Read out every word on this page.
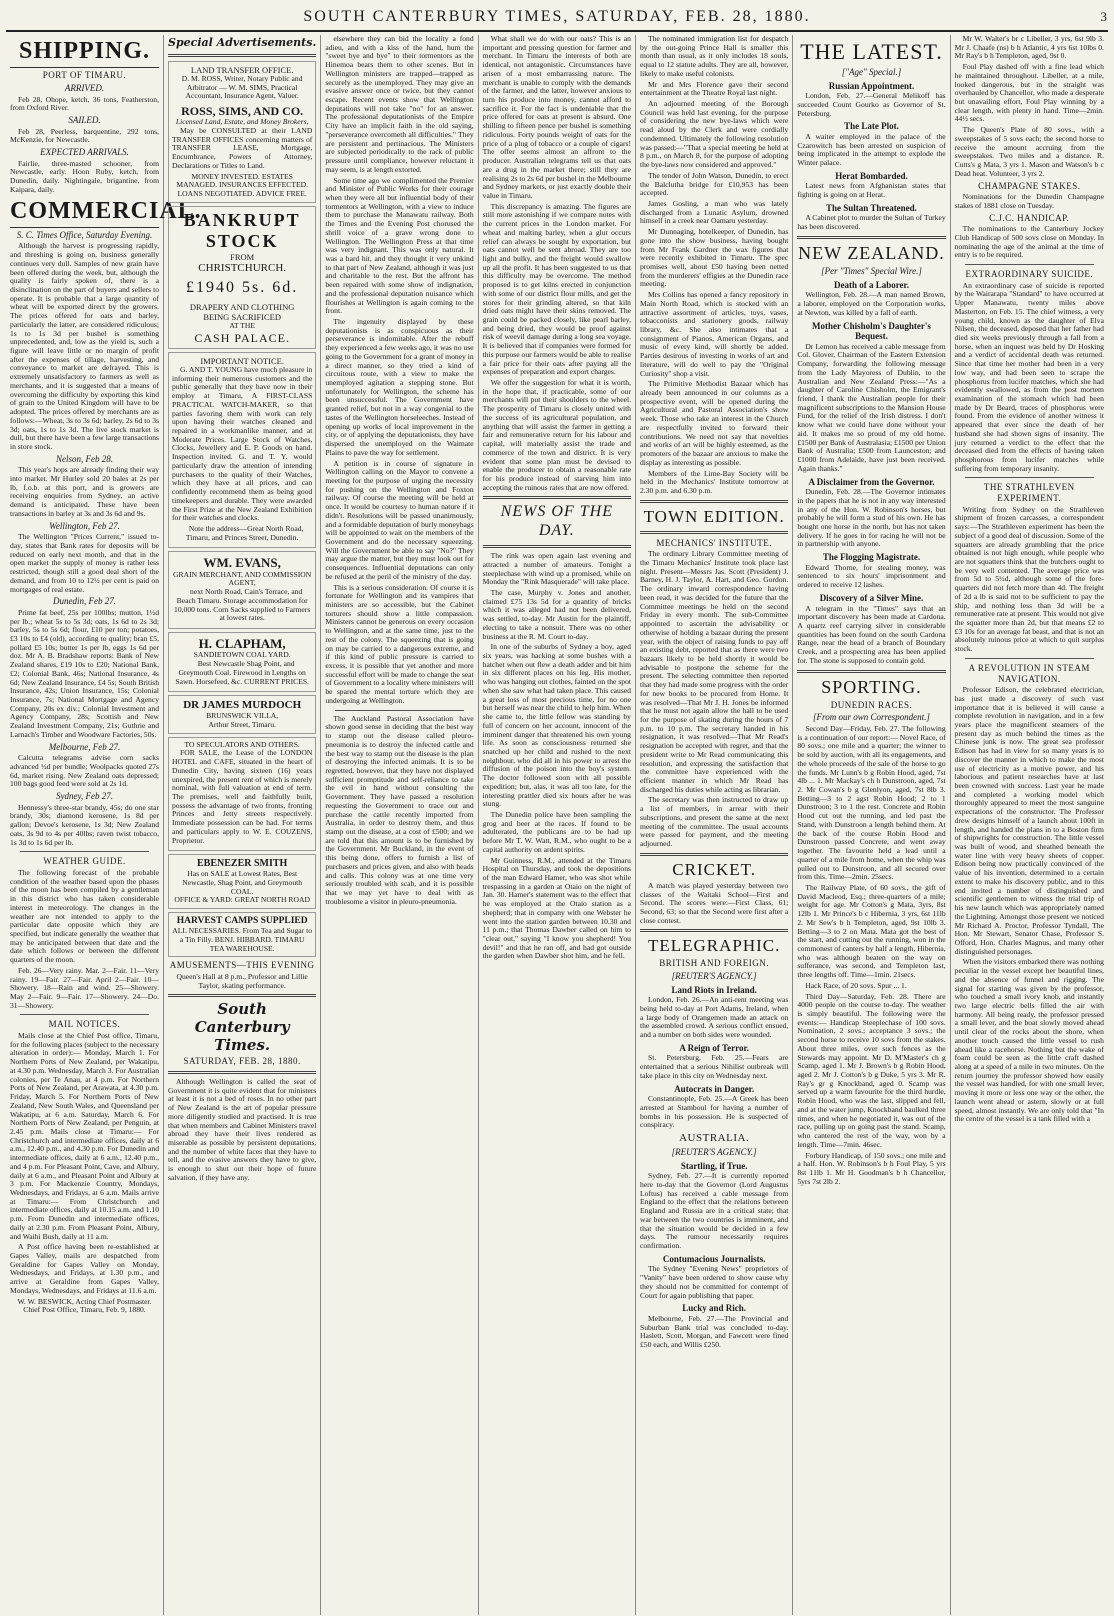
SOUTH CANTERBURY TIMES, SATURDAY, FEB. 28, 1880.	3
SHIPPING.
PORT OF TIMARU.
ARRIVED.

Feb 28, Ohope, ketch, 36 tons, Featherston, from Oxford River.

SAILED.

Feb 28, Peerless, barquentine, 292 tons, McKenzie, for Newcastle.

EXPECTED ARRIVALS.

Fairlie, three-masted schooner, from Newcastle, early. Hoon Ruby, ketch, from Dunedin, daily. Nightingale, brigantine, from Kaipara, daily.

COMMERCIAL.
S. C. Times Office, Saturday Evening.

Although the harvest is progressing rapidly, and threshing is going on, business generally continues very dull. Samples of new grain have been offered during the week, but, although the quality is fairly spoken of, there is a disinclination on the part of buyers and sellers to operate. It is probable that a large quantity of wheat will be exported direct by the growers. The prices offered for oats and barley, particularly the latter, are considered ridiculous; 1s to 1s 3d per bushel is something unprecedented, and, low as the yield is, such a figure will leave little or no margin of profit after the expenses of tillage, harvesting, and conveyance to market are defrayed. This is extremely unsatisfactory to farmers as well as merchants, and it is suggested that a means of overcoming the difficulty by exporting this kind of grain to the United Kingdom will have to be adopted. The prices offered by merchants are as follows:—Wheat, 3s to 3s 6d; barley, 2s 6d to 3s 3d; oats, 1s to 1s 3d. The live stock market is dull, but there have been a few large transactions in store stock.

Nelson, Feb 28.

This year's hops are already finding their way into market. Mr Hurley sold 20 bales at 2s per lb, f.o.b. at this port, and is growers are receiving enquiries from Sydney, an active demand is anticipated. These have been transactions in barley at 3s and 3s 6d and 9s.

Wellington, Feb 27.

The Wellington "Prices Current," issued to-day, states that Bank rates for deposits will be reduced on early next month, and that in the open market the supply of money is rather less restricted, though still a good deal short of the demand, and from 10 to 12½ per cent is paid on mortgages of real estate.

Dunedin, Feb 27.

Prime fat beef, 25s per 100lbs; mutton, 1½d per lb.; wheat 5s to 5s 3d; oats, 1s 6d to 2s 3d; barley, 5s to 5s 6d; flour, £10 per ton; potatoes, £3 10s to £4 (old), according to quality; bran £5, pollard £5 10s; butter 1s per lb, eggs 1s 6d per doz. Mr A. B. Bradshaw reports: Bank of New Zealand shares, £19 10s to £20; National Bank, £2; Colonial Bank, 46s; National Insurance, 4s 6d; New Zealand Insurance, £4 5s; South British Insurance, 42s; Union Insurance, 15s; Colonial Insurance, 7s; National Mortgage and Agency Company, 20s ex div.; Colonial Investment and Agency Company, 28s; Scottish and New Zealand Investment Company, 21s; Guthrie and Larnach's Timber and Woodware Factories, 50s.

Melbourne, Feb 27.

Calcutta telegrams advise corn sacks advanced ½d per bundle; Woolpacks quoted 27s 6d, market rising. New Zealand oats depressed; 100 bags good feed were sold at 2s 1d.

Sydney, Feb 27.

Hennessy's three-star brandy, 45s; do one star brandy, 30s; diamond kerosene, 1s 8d per gallon; Devoe's kerosene, 1s 3d; New Zealand oats, 3s 9d to 4s per 40lbs; raven twist tobacco, 1s 3d to 1s 6d per lb.

WEATHER GUIDE.

The following forecast of the probable condition of the weather based upon the phases of the moon has been compiled by a gentleman in this district who has taken considerable interest in meteorology. The changes in the weather are not intended to apply to the particular date opposite which they are specified, but indicate generally the weather that may be anticipated between that date and the date which follows or between the different quarters of the moon.

Feb. 26—Very rainy. Mar. 2—Fair. 11—Very rainy. 19—Fair. 27—Fair. April 2—Fair. 10—Showery. 18—Rain and wind. 25—Showery. May 2—Fair. 9—Fair. 17—Showery. 24—Do. 31—Showery.

MAIL NOTICES.

Mails close at the Chief Post office, Timaru, for the following places (subject to the necessary alteration in order):— Monday, March 1. For Northern Ports of New Zealand, per Wakatipu, at 4.30 p.m. Wednesday, March 3. For Australian colonies, per Te Anau, at 4 p.m. For Northern Ports of New Zealand, per Arawata, at 4.30 p.m. Friday, March 5. For Northern Ports of New Zealand, New South Wales, and Queensland per Wakatipu, at 6 a.m. Saturday, March 6. For Northern Ports of New Zealand, per Penguin, at 2.45 p.m. Mails close at Timaru:— For Christchurch and intermediate offices, daily at 6 a.m., 12.40 p.m., and 4.30 p.m. For Dunedin and intermediate offices, daily at 6 a.m., 12.40 p.m., and 4 p.m. For Pleasant Point, Cave, and Albury, daily at 6 a.m., and Pleasant Point and Albury at 3 p.m. For Mackenzie Country, Mondays, Wednesdays, and Fridays, at 6 a.m. Mails arrive at Timaru:— From Christchurch and intermediate offices, daily at 10.15 a.m. and 1.10 p.m. From Dunedin and intermediate offices, daily at 2.30 p.m. From Pleasant Point, Albury, and Waihi Bush, daily at 11 a.m.

A Post office having been re-established at Gapes Valley, mails are despatched from Geraldine for Gapes Valley on Monday, Wednesdays, and Fridays, at 1.30 p.m., and arrive at Geraldine from Gapes Valley, Mondays, Wednesdays, and Fridays at 11.6 a.m.

W. W. BESWICK, Acting Chief Postmaster. Chief Post Office, Timaru, Feb. 9, 1880.

Special Advertisements.
LAND TRANSFER OFFICE.
D. M. ROSS, Writer, Notary Public and Arbitrator — W. M. SIMS, Practical Accountant, Insurance Agent, Valuer.
ROSS, SIMS, AND CO.
Licensed Land, Estate, and Money Brokers,

May be CONSULTED at their LAND TRANSFER OFFICES concerning matters of TRANSFER LEASE, Mortgage, Encumbrance, Powers of Attorney, Declarations or Titles to Land.

MONEY INVESTED. ESTATES MANAGED. INSURANCES EFFECTED. LOANS NEGOTIATED. ADVICE FREE.
BANKRUPT STOCK
FROM
CHRISTCHURCH.
£1940 5s. 6d.
DRAPERY AND CLOTHING
BEING SACRIFICED
AT THE
CASH PALACE.
IMPORTANT NOTICE.

G. AND T. YOUNG have much pleasure in informing their numerous customers and the public generally that they have now in their employ at Timaru, A FIRST-CLASS PRACTICAL WATCH-MAKER, so that parties favoring them with work can rely upon having their watches cleaned and repaired in a workmanlike manner, and at Moderate Prices. Large Stock of Watches, Clocks, Jewellery and E. P. Goods on hand. Inspection invited. G. and T. Y. would particularly draw the attention of intending purchasers to the quality of their Watches, which they have at all prices, and can confidently recommend them as being good timekeepers and durable. They were awarded the First Prize at the New Zealand Exhibition for their watches and clocks.

Note the address—Great North Road, Timaru, and Princes Street, Dunedin.

WM. EVANS,
GRAIN MERCHANT, AND COMMISSION AGENT,

next North Road, Cain's Terrace, and Beach Timaru. Storage accommodation for 10,000 tons. Corn Sacks supplied to Farmers at lowest rates.

H. CLAPHAM,
SANDIETOWN COAL YARD.

Best Newcastle Shag Point, and Greymouth Coal. Firewood in Lengths on Sawn. Horsefeed, &c. CURRENT PRICES.

DR JAMES MURDOCH
BRUNSWICK VILLA,
Arthur Street, Timaru.
TO SPECULATORS AND OTHERS.

FOR SALE, the Lease of the LONDON HOTEL and CAFE, situated in the heart of Dunedin City, having sixteen (16) years unexpired, the present rent of which is merely nominal, with full valuation at end of term. The premises, well and faithfully built, possess the advantage of two fronts, fronting Princes and Jetty streets respectively. Immediate possession can be had. For terms and particulars apply to W. E. COUZENS, Proprietor.

EBENEZER SMITH
Has on SALE at Lowest Rates, Best Newcastle, Shag Point, and Greymouth COAL.
OFFICE & YARD: GREAT NORTH ROAD
HARVEST CAMPS SUPPLIED
ALL NECESSARIES. From Tea and Sugar to a Tin Filly. BENJ. HIBBARD. TIMARU TEA WAREHOUSE.
AMUSEMENTS—THIS EVENING

Queen's Hall at 8 p.m., Professor and Lillie Taylor, skating performance.

South Canterbury Times.
SATURDAY, FEB. 28, 1880.

Although Wellington is called the seat of Government it is quite evident that for ministers at least it is not a bed of roses. In no other part of New Zealand is the art of popular pressure more diligently studied and practised. It is true that when members and Cabinet Ministers travel abroad they have their lives rendered as miserable as possible by persistent deputations, and the number of white faces that they have to tell, and the evasive answers they have to give, is enough to shut out their hope of future salvation, if they have any.

elsewhere they can bid the locality a fond adieu, and with a kiss of the hand, hum the "sweet bye and bye" to their tormentors as the Hinemoa bears them to other scenes. But in Wellington ministers are trapped—trapped as securely as the unemployed. They may give an evasive answer once or twice, but they cannot escape. Recent events show that Wellington deputations will not take "no" for an answer. The professional deputationists of the Empire City have an implicit faith in the old saying, "perseverance overcometh all difficulties." They are persistent and pertinacious. The Ministers are subjected periodically to the rack of public pressure until compliance, however reluctant it may seem, is at length extorted.

Some time ago we complimented the Premier and Minister of Public Works for their courage when they were all but influential body of their tormentors at Wellington, with a view to induce them to purchase the Manawatu railway. Both the Times and the Evening Post chorused the shrill voice of a grave wrong done to Wellington. The Wellington Press at that time was very indignant. This was only natural. It was a hard hit, and they thought it very unkind to that part of New Zealand, although it was just and charitable to the rest. But the affront has been repaired with some show of indignation, and the professional deputation nuisance which flourishes at Wellington is again coming to the front.

The ingenuity displayed by these deputationists is as conspicuous as their perseverance is indomitable. After the rebuff they experienced a few weeks ago, it was no use going to the Government for a grant of money in a direct manner, so they tried a kind of circuitous route, with a view to make the unemployed agitation a stepping stone. But unfortunately for Wellington, the scheme has been unsuccessful. The Government have granted relief, but not in a way congenial to the tastes of the Wellington horseleeches. Instead of opening up works of local improvement in the city, or of applying the deputationists, they have dispersed the unemployed on the Waimate Plains to pave the way for settlement.

A petition is in course of signature in Wellington calling on the Mayor to convene a meeting for the purpose of urging the necessity for pushing on the Wellington and Foxton railway. Of course the meeting will be held at once. It would be courtesy to human nature if it didn't. Resolutions will be passed unanimously, and a formidable deputation of burly moneybags will be appointed to wait on the members of the Government and do the necessary squeezing. Will the Government be able to say "No?" They may argue the matter, but they must look out for consequences. Influential deputations can only be refused at the peril of the ministry of the day.

This is a serious consideration. Of course it is fortunate for Wellington and its vampires that ministers are so accessible, but the Cabinet torturers should show a little compassion. Ministers cannot be generous on every occasion to Wellington, and at the same time, just to the rest of the colony. The squeezing that is going on may be carried to a dangerous extreme, and if this kind of public pressure is carried to excess, it is possible that yet another and more successful effort will be made to change the seat of Government to a locality where ministers will be spared the mental torture which they are undergoing at Wellington.

The Auckland Pastoral Association have shown good sense in deciding that the best way to stamp out the disease called pleuro-pneumonia is to destroy the infected cattle and the best way to stamp out the disease is the plan of destroying the infected animals. It is to be regretted, however, that they have not displayed sufficient promptitude and self-reliance to take the evil in hand without consulting the Government. They have passed a resolution requesting the Government to trace out and purchase the cattle recently imported from Australia, in order to destroy them, and thus stamp out the disease, at a cost of £500; and we are told that this amount is to be furnished by the Government. Mr Buckland, in the event of this being done, offers to furnish a list of purchasers and prices given, and also with heads and calls. This colony was at one time very seriously troubled with scab, and it is possible that we may yet have to deal with as troublesome a visitor in pleuro-pneumonia.

What shall we do with our oats? This is an important and pressing question for farmer and merchant. In Timaru the interests of both are identical, not antagonistic. Circumstances have arisen of a most embarrassing nature. The merchant is unable to comply with the demands of the farmer, and the latter, however anxious to turn his produce into money, cannot afford to sacrifice it. For the fact is undeniable that the price offered for oats at present is absurd. One shilling to fifteen pence per bushel is something ridiculous. Forty pounds weight of oats for the price of a plug of tobacco or a couple of cigars! The offer seems almost an affront to the producer. Australian telegrams tell us that oats are a drug in the market there; still they are realising 2s to 2s 6d per bushel in the Melbourne and Sydney markets, or just exactly double their value in Timaru.

This discrepancy is amazing. The figures are still more astonishing if we compare notes with the current prices in the London market. For wheat and malting barley, when a glut occurs relief can always be sought by exportation, but oats cannot well be sent abroad. They are too light and bulky, and the freight would swallow up all the profit. It has been suggested to us that this difficulty may be overcome. The method proposed is to get kilns erected in conjunction with some of our district flour mills, and get the stores for their grinding altered, so that kiln dried oats might have their skins removed. The grain could be packed closely, like pearl barley, and being dried, they would be proof against risk of weevil damage during a long sea voyage. It is believed that if companies were formed for this purpose our farmers would be able to realise a fair price for their oats after paying all the expenses of preparation and export charges.

We offer the suggestion for what it is worth, in the hope that, if practicable, some of our merchants will put their shoulders to the wheel. The prosperity of Timaru is closely united with the success of its agricultural population, and anything that will assist the farmer in getting a fair and remunerative return for his labour and capital, will materially assist the trade and commerce of the town and district. It is very evident that some plan must be devised to enable the producer to obtain a reasonable rate for his produce instead of starving him into accepting the ruinous rates that are now offered.

NEWS OF THE DAY.

The rink was open again last evening and attracted a number of amateurs. Tonight a steeplechase with wind up a promised, while on Monday the "Rink Masquerade" will take place.

The case, Murphy v. Jones and another, claimed £75 13s 5d for a quantity of bricks which it was alleged had not been delivered, was settled, to-day. Mr Austin for the plaintiff, electing to take a nonsuit. There was no other business at the R. M. Court to-day.

In one of the suburbs of Sydney a boy, aged six years, was hacking at some bushes with a hatchet when out flew a death adder and bit him in six different places on his leg. His mother, who was hanging out clothes, fainted on the spot when she saw what had taken place. This caused a great loss of most precious time, for no one but herself was near the child to help him. When she came to, the little fellow was standing by full of concern on her account, innocent of the imminent danger that threatened his own young life. As soon as consciousness returned she snatched up her child and rushed to the next neighbour, who did all in his power to arrest the diffusion of the poison into the boy's system. The doctor followed soon with all possible expedition; but, alas, it was all too late, for the interesting prattler died six hours after he was stung.

The Dunedin police have been sampling the grog and beer at the races. If found to be adulterated, the publicans are to be had up before Mr T. W. Watt, R.M., who ought to be a capital authority on ardent spirits.

Mr Guinness, R.M., attended at the Timaru Hospital on Thursday, and took the depositions of the man Edward Hamer, who was shot while trespassing in a garden at Otaio on the night of Jan. 30. Hamer's statement was to the effect that he was employed at the Otaio station as a shepherd; that in company with one Webster he went into the station garden between 10.30 and 11 p.m.; that Thomas Dawber called on him to "clear out," saying "I know you shepherd! You devil!" and that he ran off, and had got outside the garden when Dawber shot him, and he fell.

The nominated immigration list for despatch by the out-going Prince Hall is smaller this month than usual, as it only includes 18 souls, equal to 12 statute adults. They are all, however, likely to make useful colonists.

Mr and Mrs Florence gave their second entertainment at the Theatre Royal last night.

An adjourned meeting of the Borough Council was held last evening, for the purpose of considering the new bye-laws which were read aloud by the Clerk and were cordially condemned. Ultimately the following resolution was passed:—"That a special meeting be held at 8 p.m., on March 8, for the purpose of adopting the bye-laws now considered and approved."

The tender of John Watson, Dunedin, to erect the Balclutha bridge for £10,953 has been accepted.

James Gosling, a man who was lately discharged from a Lunatic Asylum, drowned himself in a creek near Oamaru yesterday.

Mr Dunnaging, hotelkeeper, of Dunedin, has gone into the show business, having bought from Mr Frank Gardner the wax figures that were recently exhibited in Timaru. The spec promises well, about £50 having been netted from the murderers' effigies at the Dunedin race meeting.

Mrs Collins has opened a fancy repository in Main North Road, which is stocked with an attractive assortment of articles, toys, vases, tobacconists and stationery goods, railway library, &c. She also intimates that a consignment of Pianos, American Organs, and music of every kind, will shortly be added. Parties desirous of investing in works of art and literature, will do well to pay the "Original Curiosity" shop a visit.

The Primitive Methodist Bazaar which has already been announced in our columns as a prospective event, will be opened during the Agricultural and Pastoral Association's show week. Those who take an interest in the Church are respectfully invited to forward their contributions. We need not say that novelties and works of art will be highly esteemed, as the promoters of the bazaar are anxious to make the display as interesting as possible.

Members of the Lime-Bay Society will be held in the Mechanics' Institute tomorrow at 2.30 p.m. and 6.30 p.m.

TOWN EDITION.
MECHANICS' INSTITUTE.

The ordinary Library Committee meeting of the Timaru Mechanics' Institute took place last night. Present—Messrs Jas. Scott (President) J. Barney, H. J. Taylor, A. Hart, and Geo. Gordon. The ordinary inward correspondence having been read, it was decided for the future that the Committee meetings be held on the second Friday in every month. The sub-Committee appointed to ascertain the advisability or otherwise of holding a bazaar during the present year, with the object of raising funds to pay off an existing debt, reported that as there were two bazaars likely to be held shortly it would be advisable to postpone the scheme for the present. The selecting committee then reported that they had made some progress with the order for new books to be procured from Home. It was resolved—That Mr J. H. Jones be informed that he must not again allow the hall to be used for the purpose of skating during the hours of 7 p.m. to 10 p.m. The secretary handed in his resignation, it was resolved—That Mr Read's resignation be accepted with regret, and that the president write to Mr Read communicating this resolution, and expressing the satisfaction that the committee have experienced with the efficient manner in which Mr Read has discharged his duties while acting as librarian.

The secretary was then instructed to draw up a list of members, in arrear with their subscriptions, and present the same at the next meeting of the committee. The usual accounts were passed for payment, and the meeting adjourned.

CRICKET.

A match was played yesterday between two classes of the Waitaki School—First and Second. The scores were:—First Class, 61; Second, 63; so that the Second were first after a close contest.

TELEGRAPHIC.
BRITISH AND FOREIGN.
[REUTER'S AGENCY.]
Land Riots in Ireland.

London, Feb. 26.—An anti-rent meeting was being held to-day at Port Adams, Ireland, when a large body of Orangemen made an attack on the assembled crowd. A serious conflict ensued, and a number on both sides were wounded.

A Reign of Terror.

St. Petersburg, Feb. 25.—Fears are entertained that a serious Nihilist outbreak will take place in this city on Wednesday next.

Autocrats in Danger.

Constantinople, Feb. 25.—A Greek has been arrested at Stamboul for having a number of bombs in his possession. He is suspected of conspiracy.

AUSTRALIA.
[REUTER'S AGENCY.]
Startling, if True.

Sydney, Feb. 27.—It is currently reported here to-day that the Governor (Lord Augustus Loftus) has received a cable message from England to the effect that the relations between England and Russia are in a critical state; that war between the two countries is imminent, and that the situation would be decided in a few days. The rumour necessarily requires confirmation.

Contumacious Journalists.

The Sydney "Evening News" proprietors of "Vanity" have been ordered to show cause why they should not be committed for contempt of Court for again publishing that paper.

Lucky and Rich.

Melbourne, Feb. 27.—The Provincial and Suburban Bank trial was concluded to-day. Haslett, Scott, Morgan, and Fawcett were fined £50 each, and Willis £250.

THE LATEST.
["Age" Special.]
Russian Appointment.

London, Feb. 27.—General Melikoff has succeeded Count Gourko as Governor of St. Petersburg.

The Late Plot.

A waiter employed in the palace of the Czarowitch has been arrested on suspicion of being implicated in the attempt to explode the Winter palace.

Herat Bombarded.

Latest news from Afghanistan states that fighting is going on at Herat.

The Sultan Threatened.

A Cabinet plot to murder the Sultan of Turkey has been discovered.

NEW ZEALAND.
[Per "Times" Special Wire.]
Death of a Laborer.

Wellington, Feb. 28.—A man named Brown, a laborer, employed on the Corporation works, at Newton, was killed by a fall of earth.

Mother Chisholm's Daughter's Bequest.

Dr Lemon has received a cable message from Col. Glover, Chairman of the Eastern Extension Company, forwarding the following message from the Lady Mayoress of Dublin, to the Australian and New Zealand Press:—"As a daughter of Caroline Chisholm, the Emigrant's friend, I thank the Australian people for their magnificent subscriptions to the Mansion House Fund, for the relief of the Irish distress. I don't know what we could have done without your aid. It makes me so proud of my old home. £1500 per Bank of Australasia; £1500 per Union Bank of Australia; £500 from Launceston; and £1000 from Adelaide, have just been received. Again thanks."

A Disclaimer from the Governor.

Dunedin, Feb. 28.—The Governor intimates in the papers that he is not in any way interested in any of the Hon. W. Robinson's horses, but probably he will form a stud of his own. He has bought one horse in the north, but has not taken delivery. If he goes in for racing he will not be in partnership with anyone.

The Flogging Magistrate.

Edward Thorne, for stealing money, was sentenced to six hours' imprisonment and ordered to receive 12 lashes.

Discovery of a Silver Mine.

A telegram in the "Times" says that an important discovery has been made at Cardona. A quartz reef carrying silver in considerable quantities has been found on the south Cardona Range, near the head of a branch of Boundary Creek, and a prospecting area has been applied for. The stone is supposed to contain gold.

SPORTING.
DUNEDIN RACES.
[From our own Correspondent.]

Second Day—Friday, Feb. 27. The following is a continuation of our report:— Novel Race, of 80 sovs.; one mile and a quarter; the winner to be sold by auction, with all its engagements, and the whole proceeds of the sale of the horse to go the funds. Mr Lunn's b g Robin Hood, aged, 7st 4lb ... 1. Mr Mackay's ch h Dunstroon, aged, 7st 2. Mr Cowan's b g Glenlyon, aged, 7st 8lb 3. Betting—3 to 2 agst Robin Hood; 2 to 1 Dunstroon; 3 to 1 the rest. Concrete and Robin Hood cut out the running, and led past the Stand, with Dunstroon a length behind them. At the back of the course Robin Hood and Dunstroon passed Concrete, and went away together. The favourite held a lead until a quarter of a mile from home, when the whip was pulled out to Dunstroon, and all secured over from this. Time—2min. 25secs.

The Railway Plate, of 60 sovs., the gift of David Macleod, Esq.; three-quarters of a mile; weight for age. Mr Cotton's g Mata, 3yrs, 8st 12lb 1. Mr Prince's b c Hibernia, 3 yrs, 6st 11lb 2. Mr Sew's b h Templeton, aged, 9st 10lb 3. Betting—3 to 2 on Mata. Mata got the best of the start, and cutting out the running, won in the commonest of canters by half a length, Hibernia, who was although beaten on the way on sufferance, was second, and Templeton last, three lengths off. Time—1min. 21secs.

Hack Race, of 20 sovs. Spur ... 1.

Third Day—Saturday, Feb. 28. There are 4000 people on the course to-day. The weather is simply beautiful. The following were the events:— Handicap Steeplechase of 100 sovs. Nomination, 2 sovs.; acceptance 3 sovs.; the second horse to receive 10 sovs from the stakes. About three miles, over such fences as the Stewards may appoint. Mr D. M'Master's ch g Scamp, aged 1. Mr J. Brown's b g Robin Hood, aged 2. Mr J. Cotton's b g Duke, 5 yrs 3. Mr R. Ray's gr g Knockband, aged 0. Scamp was served up a warm favourite for the third hurdle, Robin Hood, who was the last, slipped and fell, and at the water jump, Knockband baulked three times, and when he negotiated it, was out of the race, pulling up on going past the stand. Scamp, who cantered the rest of the way, won by a length. Time—7min. 46sec.

Forbury Handicap, of 150 sovs.; one mile and a half. Hon. W. Robinson's b h Foul Play, 5 yrs 8st 11lb 1. Mr H. Goodman's b h Chancellor, 5yrs 7st 2lb 2.

Mr W. Walter's br c Libeller, 3 yrs, 6st 9lb 3. Mr J. Chaafe (ns) b h Atlantic, 4 yrs 6st 10lbs 0. Mr Ray's b h Templeton, aged, 9st 0.

Foul Play dashed off with a fine lead which he maintained throughout. Libeller, at a mile, looked dangerous, but in the straight was overhauled by Chancellor, who made a desperate but unavailing effort, Foul Play winning by a clear length, with plenty in hand. Time—2min. 44½ secs.

The Queen's Plate of 80 sovs., with a sweepstakes of 5 sovs each; the second horse to receive the amount accruing from the sweepstakes. Two miles and a distance. R. Cutts's g Mata, 3 yrs 1. Mason and Watson's b c Dead heat. Volunteer, 3 yrs 2.

CHAMPAGNE STAKES.

Nominations for the Dunedin Champagne stakes of 1881 close on Tuesday.

C.J.C. HANDICAP.

The nominations to the Canterbury Jockey Club Handicap of 500 sovs close on Monday. In nominating the age of the animal at the time of entry is to be required.

EXTRAORDINARY SUICIDE.

An extraordinary case of suicide is reported by the Wairarapa "Standard" to have occurred at Upper Manawatu, twenty miles above Masterton, on Feb. 15. The chief witness, a very young child, known as the daughter of Elva Nilsen, the deceased, deposed that her father had died six weeks previously through a fall from a horse, when an inquest was held by Dr Hosking and a verdict of accidental death was returned. Since that time her mother had been in a very low way, and had been seen to scrape the phosphorus from lucifer matches, which she had evidently swallowed, as from the post mortem examination of the stomach which had been made by Dr Beard, traces of phosphorus were found. From the evidence of another witness it appeared that ever since the death of her husband she had shown signs of insanity. The jury returned a verdict to the effect that the deceased died from the effects of having taken phosphorous from lucifer matches while suffering from temporary insanity.

THE STRATHLEVEN EXPERIMENT.

Writing from Sydney on the Strathleven shipment of frozen carcasses, a correspondent says:—The Strathleven experiment has been the subject of a good deal of discussion. Some of the squatters are already grumbling that the price obtained is not high enough, while people who are not squatters think that the butchers ought to be very well contented. The average price was from 5d to 5½d, although some of the fore-quarters did not fetch more than 4d. The freight of 2d a lb is said not to be sufficient to pay the ship, and nothing less than 3d will be a remunerative rate at present. This would not give the squatter more than 2d, but that means £2 to £3 10s for an average fat beast, and that is not an absolutely ruinous price at which to quit surplus stock.

A REVOLUTION IN STEAM NAVIGATION.

Professor Edison, the celebrated electrician, has just made a discovery of such vast importance that it is believed it will cause a complete revolution in navigation, and in a few years place the magnificent steamers of the present day as much behind the times as the Chinese junk is now. The great sea professor Edison has had in view for so many years is to discover the manner in which to make the most use of electricity as a motive power, and his laborious and patient researches have at last been crowned with success. Last year he made and completed a working model which thoroughly appeared to meet the most sanguine expectations of the constructor. The Professor drew designs himself of a launch about 100ft in length, and handed the plans in to a Boston firm of shipwrights for construction. The little vessel was built of wood, and sheathed beneath the water line with very heavy sheets of copper. Edison being now practically convinced of the value of his invention, determined to a certain extent to make his discovery public, and to this end invited a number of distinguished and scientific gentlemen to witness the trial trip of his new launch which was appropriately named the Lightning. Amongst those present we noticed Mr Richard A. Proctor, Professor Tyndall, The Hon. Mr Stewart, Senator Chase, Professor S. Offord, Hon. Charles Magnus, and many other distinguished personages.

When the visitors embarked there was nothing peculiar in the vessel except her beautiful lines, and the absence of funnel and rigging. The signal for starting was given by the professor, who touched a small ivory knob, and instantly two large electric bells filled the air with harmony. All being ready, the professor pressed a small lever, and the boat slowly moved ahead until clear of the rocks about the shore, when another touch caused the little vessel to rush ahead like a racehorse. Nothing but the wake of foam could be seen as the little craft dashed along at a speed of a mile in two minutes. On the return journey the professor showed how easily the vessel was handled, for with one small lever, moving it more or less one way or the other, the launch went ahead or astern, slowly or at full speed, almost instantly. We are only told that "In the centre of the vessel is a tank filled with a
